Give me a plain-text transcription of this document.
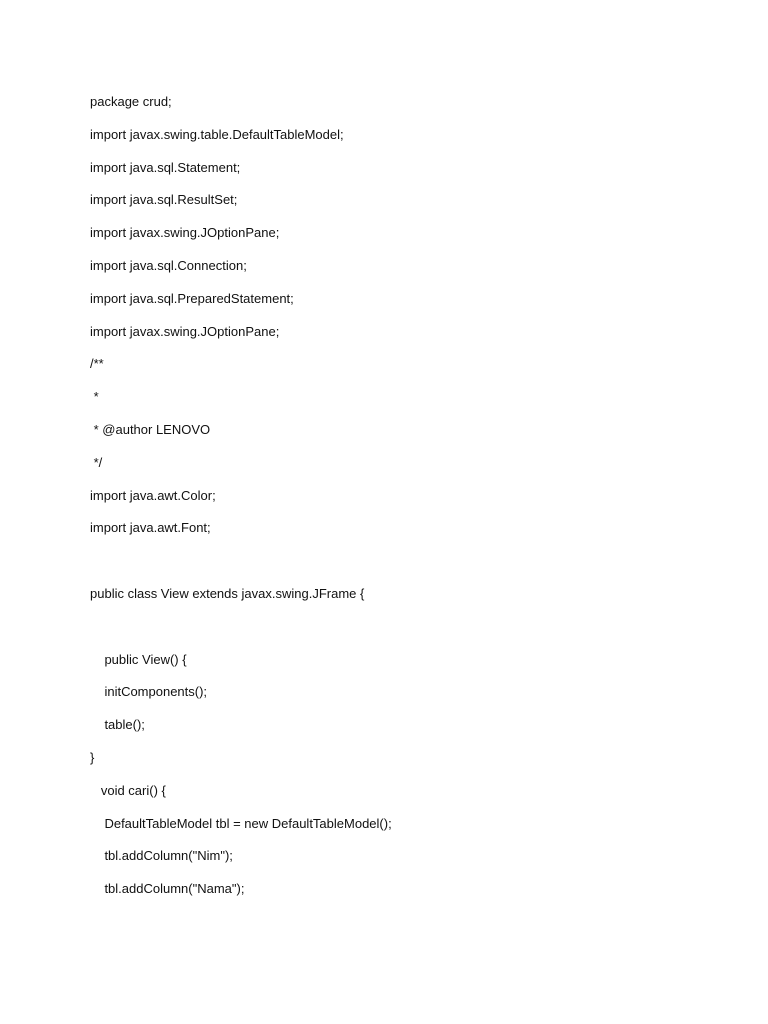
package crud;

import javax.swing.table.DefaultTableModel;

import java.sql.Statement;

import java.sql.ResultSet;

import javax.swing.JOptionPane;

import java.sql.Connection;

import java.sql.PreparedStatement;

import javax.swing.JOptionPane;

/**

*

* @author LENOVO

*/

import java.awt.Color;

import java.awt.Font;

public class View extends javax.swing.JFrame {

public View() {

initComponents();

table();

}

void cari() {

DefaultTableModel tbl = new DefaultTableModel();

tbl.addColumn("Nim");

tbl.addColumn("Nama");
